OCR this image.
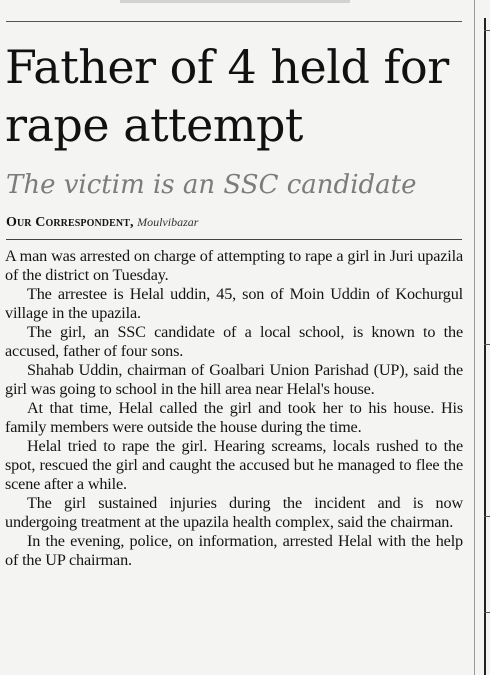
Father of 4 held for rape attempt
The victim is an SSC candidate
Our Correspondent, Moulvibazar

A man was arrested on charge of attempting to rape a girl in Juri upazila of the district on Tuesday.

The arrestee is Helal uddin, 45, son of Moin Uddin of Kochurgul village in the upazila.

The girl, an SSC candidate of a local school, is known to the accused, father of four sons.

Shahab Uddin, chairman of Goalbari Union Parishad (UP), said the girl was going to school in the hill area near Helal's house.

At that time, Helal called the girl and took her to his house. His family members were outside the house during the time.

Helal tried to rape the girl. Hearing screams, locals rushed to the spot, rescued the girl and caught the accused but he managed to flee the scene after a while.

The girl sustained injuries during the incident and is now undergoing treatment at the upazila health complex, said the chairman.

In the evening, police, on information, arrested Helal with the help of the UP chairman.
